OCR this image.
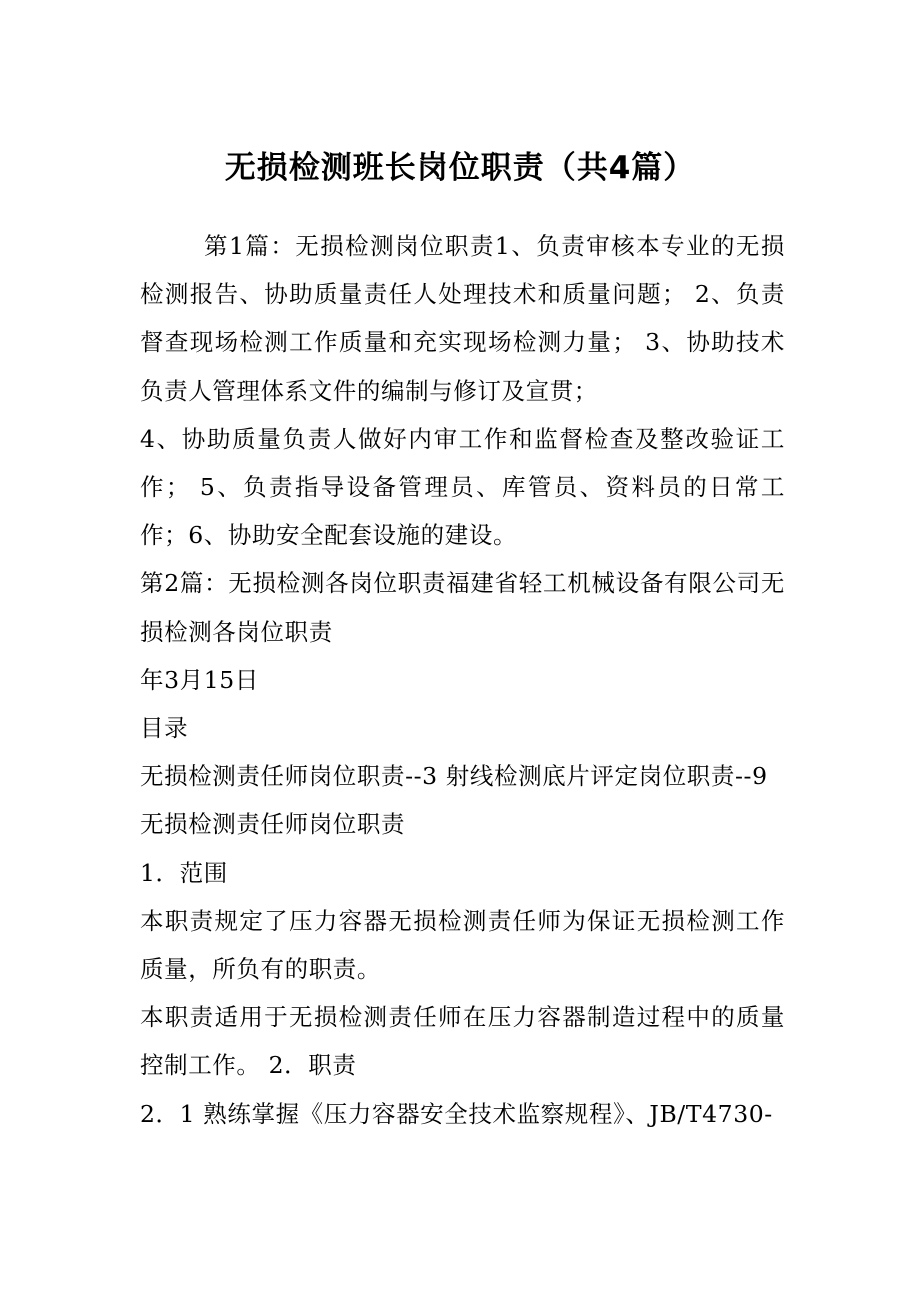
无损检测班长岗位职责（共4篇）

第1篇：无损检测岗位职责1、负责审核本专业的无损检测报告、协助质量责任人处理技术和质量问题； 2、负责督查现场检测工作质量和充实现场检测力量； 3、协助技术负责人管理体系文件的编制与修订及宣贯；

4、协助质量负责人做好内审工作和监督检查及整改验证工作； 5、负责指导设备管理员、库管员、资料员的日常工作；6、协助安全配套设施的建设。

第2篇：无损检测各岗位职责福建省轻工机械设备有限公司无损检测各岗位职责

年3月15日

目录

无损检测责任师岗位职责--3 射线检测底片评定岗位职责--9

无损检测责任师岗位职责

1．范围

本职责规定了压力容器无损检测责任师为保证无损检测工作质量，所负有的职责。

本职责适用于无损检测责任师在压力容器制造过程中的质量控制工作。 2．职责

2．1 熟练掌握《压力容器安全技术监察规程》、JB/T4730-
